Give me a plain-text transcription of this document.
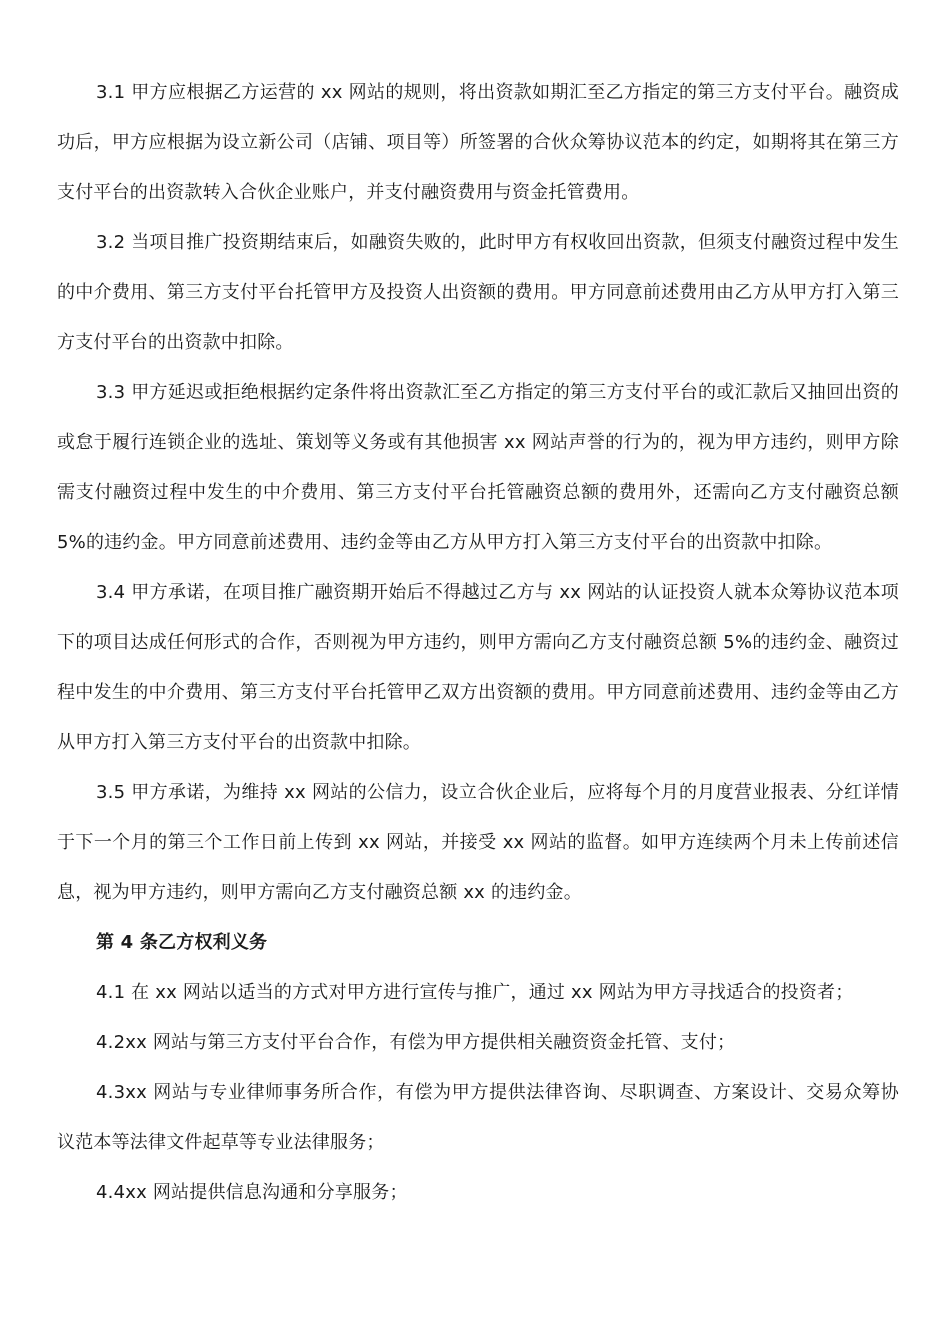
3.1 甲方应根据乙方运营的 xx 网站的规则，将出资款如期汇至乙方指定的第三方支付平台。融资成功后，甲方应根据为设立新公司（店铺、项目等）所签署的合伙众筹协议范本的约定，如期将其在第三方支付平台的出资款转入合伙企业账户，并支付融资费用与资金托管费用。

3.2 当项目推广投资期结束后，如融资失败的，此时甲方有权收回出资款，但须支付融资过程中发生的中介费用、第三方支付平台托管甲方及投资人出资额的费用。甲方同意前述费用由乙方从甲方打入第三方支付平台的出资款中扣除。

3.3 甲方延迟或拒绝根据约定条件将出资款汇至乙方指定的第三方支付平台的或汇款后又抽回出资的或怠于履行连锁企业的选址、策划等义务或有其他损害 xx 网站声誉的行为的，视为甲方违约，则甲方除需支付融资过程中发生的中介费用、第三方支付平台托管融资总额的费用外，还需向乙方支付融资总额 5%的违约金。甲方同意前述费用、违约金等由乙方从甲方打入第三方支付平台的出资款中扣除。

3.4 甲方承诺，在项目推广融资期开始后不得越过乙方与 xx 网站的认证投资人就本众筹协议范本项下的项目达成任何形式的合作，否则视为甲方违约，则甲方需向乙方支付融资总额 5%的违约金、融资过程中发生的中介费用、第三方支付平台托管甲乙双方出资额的费用。甲方同意前述费用、违约金等由乙方从甲方打入第三方支付平台的出资款中扣除。

3.5 甲方承诺，为维持 xx 网站的公信力，设立合伙企业后，应将每个月的月度营业报表、分红详情于下一个月的第三个工作日前上传到 xx 网站，并接受 xx 网站的监督。如甲方连续两个月未上传前述信息，视为甲方违约，则甲方需向乙方支付融资总额 xx 的违约金。

第 4 条乙方权利义务

4.1 在 xx 网站以适当的方式对甲方进行宣传与推广，通过 xx 网站为甲方寻找适合的投资者；

4.2xx 网站与第三方支付平台合作，有偿为甲方提供相关融资资金托管、支付；

4.3xx 网站与专业律师事务所合作，有偿为甲方提供法律咨询、尽职调查、方案设计、交易众筹协议范本等法律文件起草等专业法律服务；

4.4xx 网站提供信息沟通和分享服务；
